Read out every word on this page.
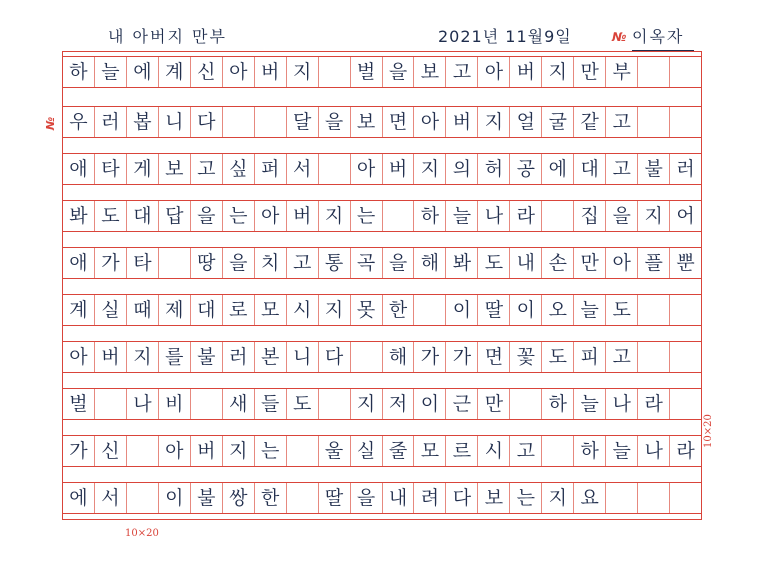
내 아버지 만부	2021년 11월9일	№ 이옥자
№
하 늘 에 계 신 아 버 지	벌 을 보 고 아 버 지 만 부
우 러 봅 니 다	달 을 보 면 아 버 지 얼 굴 같 고
애 타 게 보 고 싶 퍼 서	아 버 지 의 허 공 에 대 고 불 러
봐 도 대 답 을 는 아 버 지 는	하 늘 나 라	집 을 지 어
애 가 타	땅 을 치 고 통 곡 을 해 봐 도 내 손 만 아 플 뿐
계 실 때 제 대 로 모 시 지 못 한	이 딸 이 오 늘 도
아 버 지 를 불 러 본 니 다	해 가 가 면 꽃 도 피 고
벌	나 비	새 들 도	지 저 이 근 만	하 늘 나 라
가 신	아 버 지 는	울 실 줄 모 르 시 고	하 늘 나 라
에 서	이 불 쌍 한	딸 을 내 려 다 보 는 지 요
10×20
10×20
